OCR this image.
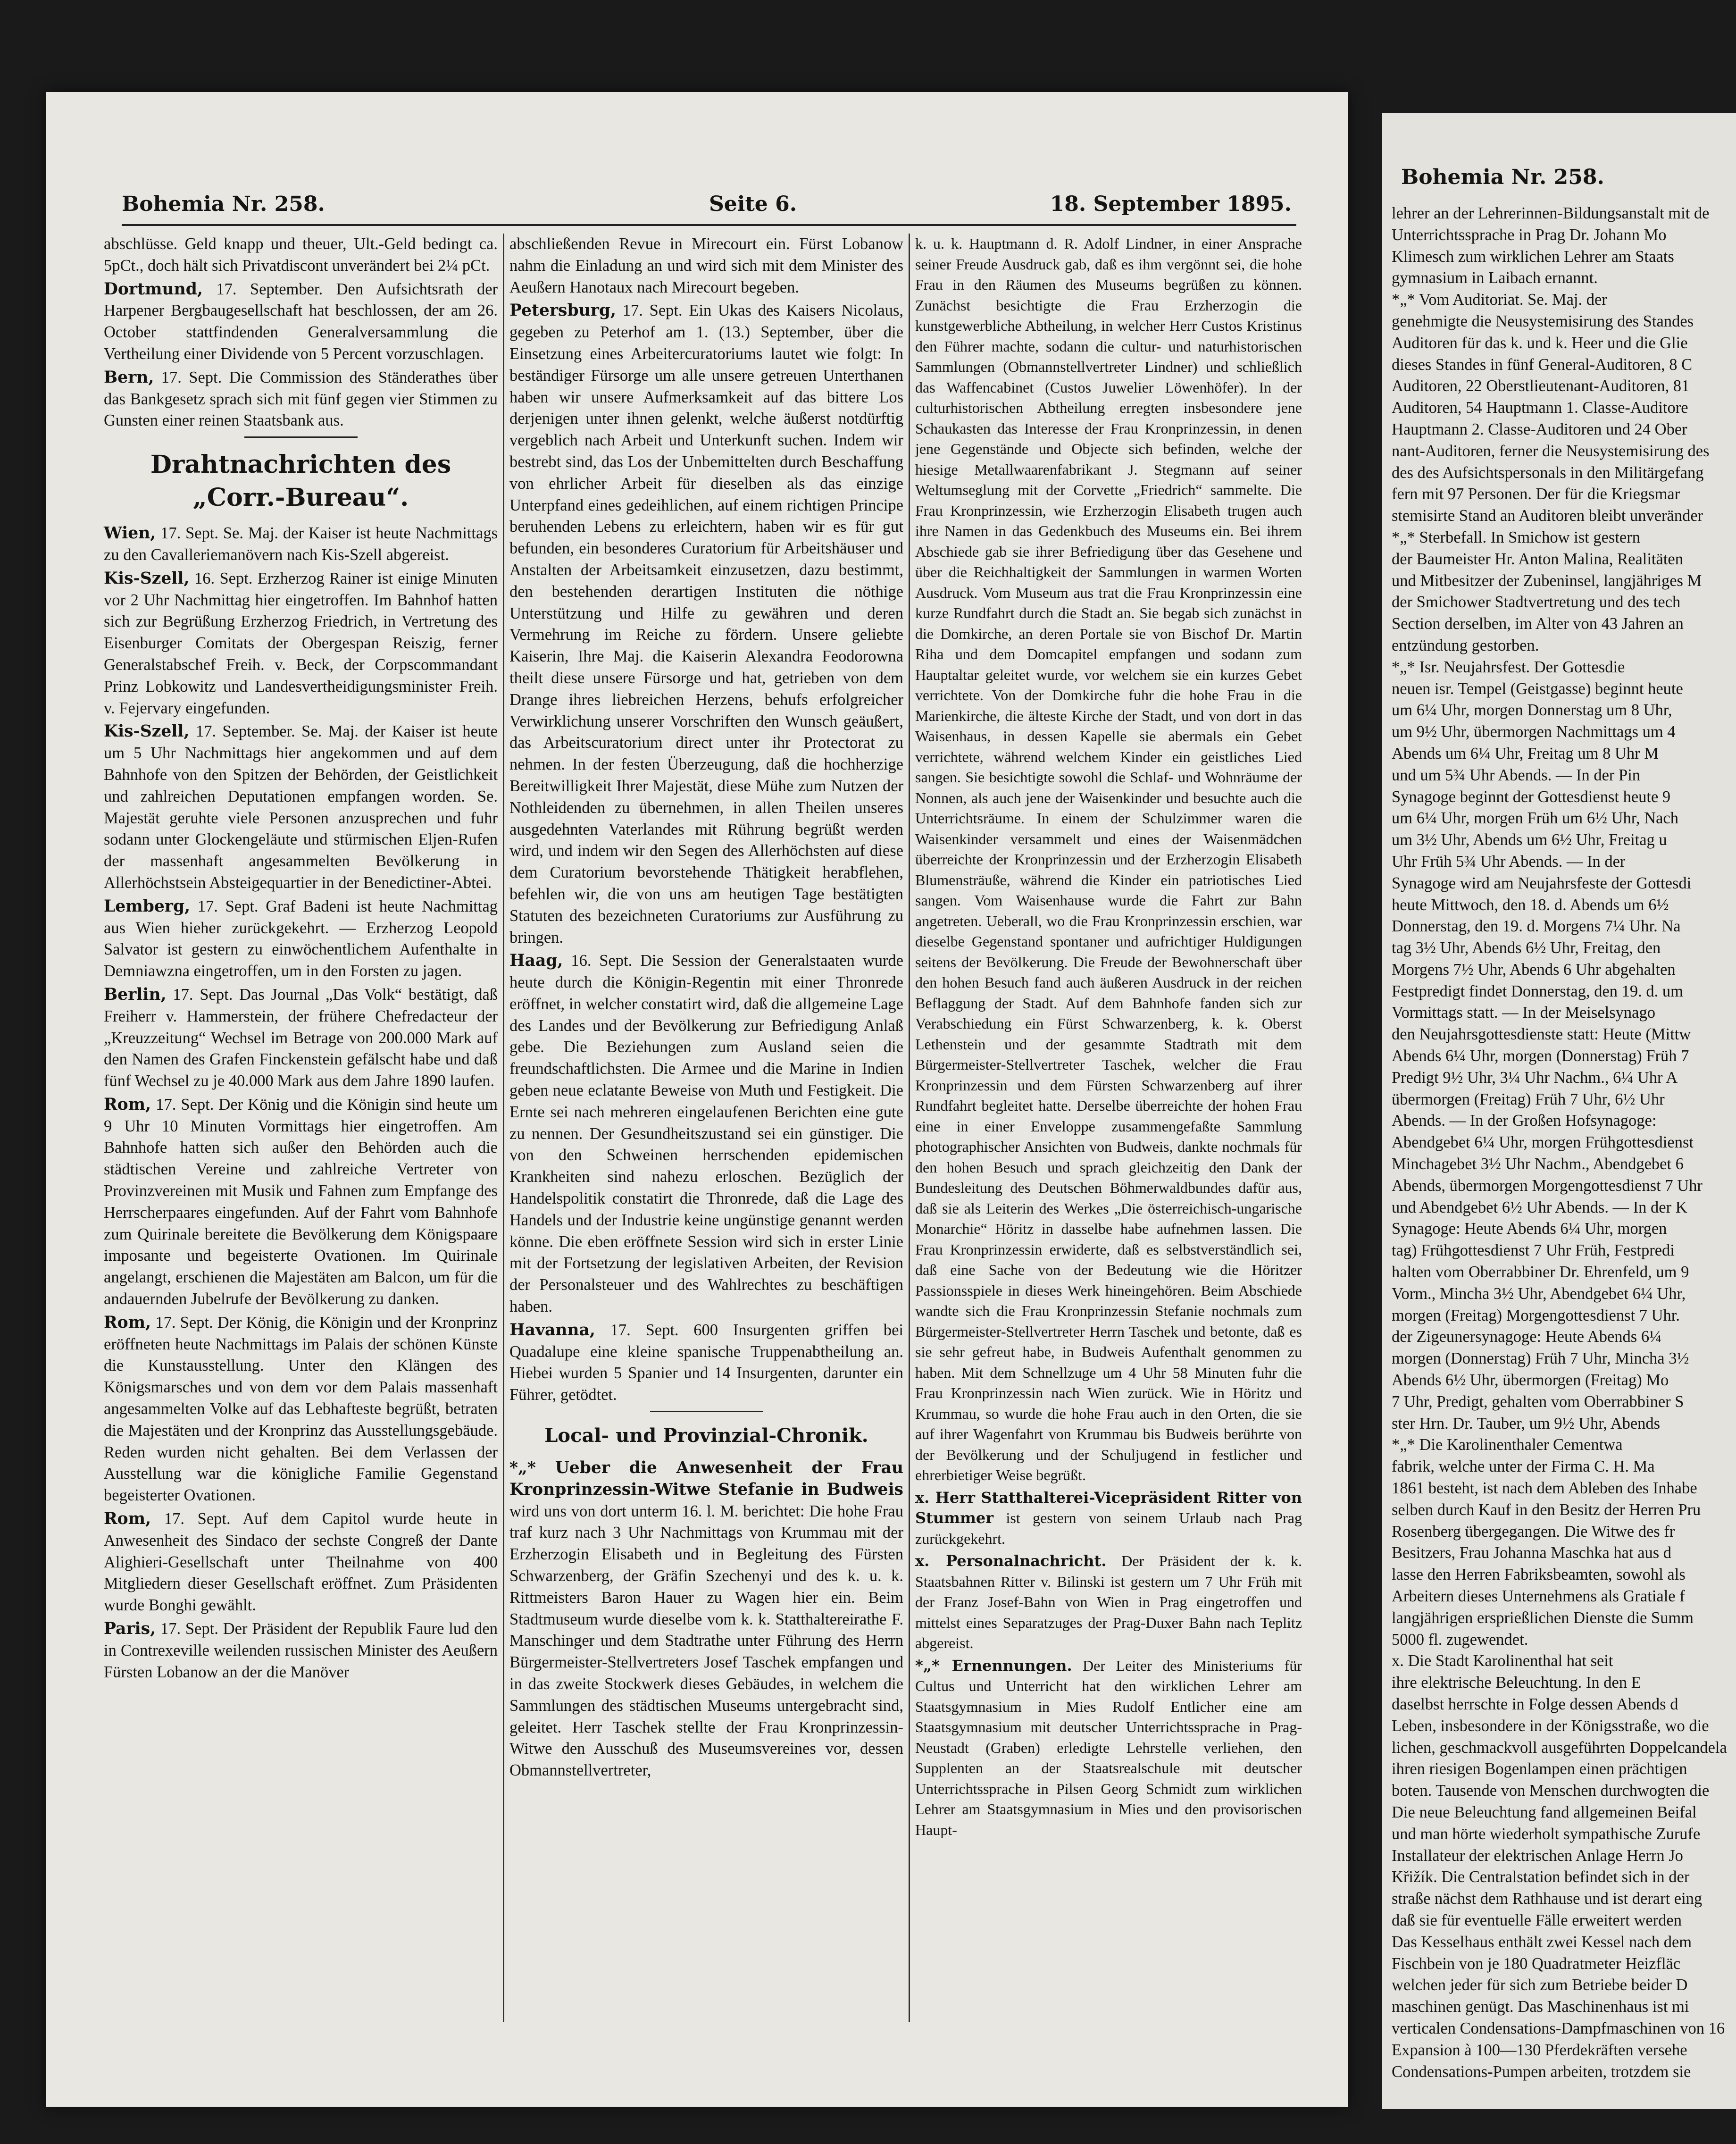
Bohemia Nr. 258.	Seite 6.	18. September 1895.

abschlüsse. Geld knapp und theuer, Ult.-Geld bedingt ca. 5pCt., doch hält sich Privatdiscont unverändert bei 2¼ pCt.

Dortmund, 17. September. Den Aufsichtsrath der Harpener Bergbaugesellschaft hat beschlossen, der am 26. October stattfindenden Generalversammlung die Vertheilung einer Dividende von 5 Percent vorzuschlagen.

Bern, 17. Sept. Die Commission des Ständerathes über das Bankgesetz sprach sich mit fünf gegen vier Stimmen zu Gunsten einer reinen Staatsbank aus.

Drahtnachrichten des „Corr.-Bureau“.

Wien, 17. Sept. Se. Maj. der Kaiser ist heute Nachmittags zu den Cavalleriemanövern nach Kis-Szell abgereist.

Kis-Szell, 16. Sept. Erzherzog Rainer ist einige Minuten vor 2 Uhr Nachmittag hier eingetroffen. Im Bahnhof hatten sich zur Begrüßung Erzherzog Friedrich, in Vertretung des Eisenburger Comitats der Obergespan Reiszig, ferner Generalstabschef Freih. v. Beck, der Corpscommandant Prinz Lobkowitz und Landesvertheidigungsminister Freih. v. Fejervary eingefunden.

Kis-Szell, 17. September. Se. Maj. der Kaiser ist heute um 5 Uhr Nachmittags hier angekommen und auf dem Bahnhofe von den Spitzen der Behörden, der Geistlichkeit und zahlreichen Deputationen empfangen worden. Se. Majestät geruhte viele Personen anzusprechen und fuhr sodann unter Glockengeläute und stürmischen Eljen-Rufen der massenhaft angesammelten Bevölkerung in Allerhöchstsein Absteigequartier in der Benedictiner-Abtei.

Lemberg, 17. Sept. Graf Badeni ist heute Nachmittag aus Wien hieher zurückgekehrt. — Erzherzog Leopold Salvator ist gestern zu einwöchentlichem Aufenthalte in Demniawzna eingetroffen, um in den Forsten zu jagen.

Berlin, 17. Sept. Das Journal „Das Volk“ bestätigt, daß Freiherr v. Hammerstein, der frühere Chefredacteur der „Kreuzzeitung“ Wechsel im Betrage von 200.000 Mark auf den Namen des Grafen Finckenstein gefälscht habe und daß fünf Wechsel zu je 40.000 Mark aus dem Jahre 1890 laufen.

Rom, 17. Sept. Der König und die Königin sind heute um 9 Uhr 10 Minuten Vormittags hier eingetroffen. Am Bahnhofe hatten sich außer den Behörden auch die städtischen Vereine und zahlreiche Vertreter von Provinzvereinen mit Musik und Fahnen zum Empfange des Herrscherpaares eingefunden. Auf der Fahrt vom Bahnhofe zum Quirinale bereitete die Bevölkerung dem Königspaare imposante und begeisterte Ovationen. Im Quirinale angelangt, erschienen die Majestäten am Balcon, um für die andauernden Jubelrufe der Bevölkerung zu danken.

Rom, 17. Sept. Der König, die Königin und der Kronprinz eröffneten heute Nachmittags im Palais der schönen Künste die Kunstausstellung. Unter den Klängen des Königsmarsches und von dem vor dem Palais massenhaft angesammelten Volke auf das Lebhafteste begrüßt, betraten die Majestäten und der Kronprinz das Ausstellungsgebäude. Reden wurden nicht gehalten. Bei dem Verlassen der Ausstellung war die königliche Familie Gegenstand begeisterter Ovationen.

Rom, 17. Sept. Auf dem Capitol wurde heute in Anwesenheit des Sindaco der sechste Congreß der Dante Alighieri-Gesellschaft unter Theilnahme von 400 Mitgliedern dieser Gesellschaft eröffnet. Zum Präsidenten wurde Bonghi gewählt.

Paris, 17. Sept. Der Präsident der Republik Faure lud den in Contrexeville weilenden russischen Minister des Aeußern Fürsten Lobanow an der die Manöver

abschließenden Revue in Mirecourt ein. Fürst Lobanow nahm die Einladung an und wird sich mit dem Minister des Aeußern Hanotaux nach Mirecourt begeben.

Petersburg, 17. Sept. Ein Ukas des Kaisers Nicolaus, gegeben zu Peterhof am 1. (13.) September, über die Einsetzung eines Arbeitercuratoriums lautet wie folgt: In beständiger Fürsorge um alle unsere getreuen Unterthanen haben wir unsere Aufmerksamkeit auf das bittere Los derjenigen unter ihnen gelenkt, welche äußerst notdürftig vergeblich nach Arbeit und Unterkunft suchen. Indem wir bestrebt sind, das Los der Unbemittelten durch Beschaffung von ehrlicher Arbeit für dieselben als das einzige Unterpfand eines gedeihlichen, auf einem richtigen Principe beruhenden Lebens zu erleichtern, haben wir es für gut befunden, ein besonderes Curatorium für Arbeitshäuser und Anstalten der Arbeitsamkeit einzusetzen, dazu bestimmt, den bestehenden derartigen Instituten die nöthige Unterstützung und Hilfe zu gewähren und deren Vermehrung im Reiche zu fördern. Unsere geliebte Kaiserin, Ihre Maj. die Kaiserin Alexandra Feodorowna theilt diese unsere Fürsorge und hat, getrieben von dem Drange ihres liebreichen Herzens, behufs erfolgreicher Verwirklichung unserer Vorschriften den Wunsch geäußert, das Arbeitscuratorium direct unter ihr Protectorat zu nehmen. In der festen Überzeugung, daß die hochherzige Bereitwilligkeit Ihrer Majestät, diese Mühe zum Nutzen der Nothleidenden zu übernehmen, in allen Theilen unseres ausgedehnten Vaterlandes mit Rührung begrüßt werden wird, und indem wir den Segen des Allerhöchsten auf diese dem Curatorium bevorstehende Thätigkeit herabflehen, befehlen wir, die von uns am heutigen Tage bestätigten Statuten des bezeichneten Curatoriums zur Ausführung zu bringen.

Haag, 16. Sept. Die Session der Generalstaaten wurde heute durch die Königin-Regentin mit einer Thronrede eröffnet, in welcher constatirt wird, daß die allgemeine Lage des Landes und der Bevölkerung zur Befriedigung Anlaß gebe. Die Beziehungen zum Ausland seien die freundschaftlichsten. Die Armee und die Marine in Indien geben neue eclatante Beweise von Muth und Festigkeit. Die Ernte sei nach mehreren eingelaufenen Berichten eine gute zu nennen. Der Gesundheitszustand sei ein günstiger. Die von den Schweinen herrschenden epidemischen Krankheiten sind nahezu erloschen. Bezüglich der Handelspolitik constatirt die Thronrede, daß die Lage des Handels und der Industrie keine ungünstige genannt werden könne. Die eben eröffnete Session wird sich in erster Linie mit der Fortsetzung der legislativen Arbeiten, der Revision der Personalsteuer und des Wahlrechtes zu beschäftigen haben.

Havanna, 17. Sept. 600 Insurgenten griffen bei Quadalupe eine kleine spanische Truppenabtheilung an. Hiebei wurden 5 Spanier und 14 Insurgenten, darunter ein Führer, getödtet.

Local- und Provinzial-Chronik.

*„* Ueber die Anwesenheit der Frau Kronprinzessin-Witwe Stefanie in Budweis wird uns von dort unterm 16. l. M. berichtet: Die hohe Frau traf kurz nach 3 Uhr Nachmittags von Krummau mit der Erzherzogin Elisabeth und in Begleitung des Fürsten Schwarzenberg, der Gräfin Szechenyi und des k. u. k. Rittmeisters Baron Hauer zu Wagen hier ein. Beim Stadtmuseum wurde dieselbe vom k. k. Statthaltereirathe F. Manschinger und dem Stadtrathe unter Führung des Herrn Bürgermeister-Stellvertreters Josef Taschek empfangen und in das zweite Stockwerk dieses Gebäudes, in welchem die Sammlungen des städtischen Museums untergebracht sind, geleitet. Herr Taschek stellte der Frau Kronprinzessin-Witwe den Ausschuß des Museumsvereines vor, dessen Obmannstellvertreter,

k. u. k. Hauptmann d. R. Adolf Lindner, in einer Ansprache seiner Freude Ausdruck gab, daß es ihm vergönnt sei, die hohe Frau in den Räumen des Museums begrüßen zu können. Zunächst besichtigte die Frau Erzherzogin die kunstgewerbliche Abtheilung, in welcher Herr Custos Kristinus den Führer machte, sodann die cultur- und naturhistorischen Sammlungen (Obmannstellvertreter Lindner) und schließlich das Waffencabinet (Custos Juwelier Löwenhöfer). In der culturhistorischen Abtheilung erregten insbesondere jene Schaukasten das Interesse der Frau Kronprinzessin, in denen jene Gegenstände und Objecte sich befinden, welche der hiesige Metallwaarenfabrikant J. Stegmann auf seiner Weltumseglung mit der Corvette „Friedrich“ sammelte. Die Frau Kronprinzessin, wie Erzherzogin Elisabeth trugen auch ihre Namen in das Gedenkbuch des Museums ein. Bei ihrem Abschiede gab sie ihrer Befriedigung über das Gesehene und über die Reichhaltigkeit der Sammlungen in warmen Worten Ausdruck. Vom Museum aus trat die Frau Kronprinzessin eine kurze Rundfahrt durch die Stadt an. Sie begab sich zunächst in die Domkirche, an deren Portale sie von Bischof Dr. Martin Riha und dem Domcapitel empfangen und sodann zum Hauptaltar geleitet wurde, vor welchem sie ein kurzes Gebet verrichtete. Von der Domkirche fuhr die hohe Frau in die Marienkirche, die älteste Kirche der Stadt, und von dort in das Waisenhaus, in dessen Kapelle sie abermals ein Gebet verrichtete, während welchem Kinder ein geistliches Lied sangen. Sie besichtigte sowohl die Schlaf- und Wohnräume der Nonnen, als auch jene der Waisenkinder und besuchte auch die Unterrichtsräume. In einem der Schulzimmer waren die Waisenkinder versammelt und eines der Waisenmädchen überreichte der Kronprinzessin und der Erzherzogin Elisabeth Blumensträuße, während die Kinder ein patriotisches Lied sangen. Vom Waisenhause wurde die Fahrt zur Bahn angetreten. Ueberall, wo die Frau Kronprinzessin erschien, war dieselbe Gegenstand spontaner und aufrichtiger Huldigungen seitens der Bevölkerung. Die Freude der Bewohnerschaft über den hohen Besuch fand auch äußeren Ausdruck in der reichen Beflaggung der Stadt. Auf dem Bahnhofe fanden sich zur Verabschiedung ein Fürst Schwarzenberg, k. k. Oberst Lethenstein und der gesammte Stadtrath mit dem Bürgermeister-Stellvertreter Taschek, welcher die Frau Kronprinzessin und dem Fürsten Schwarzenberg auf ihrer Rundfahrt begleitet hatte. Derselbe überreichte der hohen Frau eine in einer Enveloppe zusammengefaßte Sammlung photographischer Ansichten von Budweis, dankte nochmals für den hohen Besuch und sprach gleichzeitig den Dank der Bundesleitung des Deutschen Böhmerwaldbundes dafür aus, daß sie als Leiterin des Werkes „Die österreichisch-ungarische Monarchie“ Höritz in dasselbe habe aufnehmen lassen. Die Frau Kronprinzessin erwiderte, daß es selbstverständlich sei, daß eine Sache von der Bedeutung wie die Höritzer Passionsspiele in dieses Werk hineingehören. Beim Abschiede wandte sich die Frau Kronprinzessin Stefanie nochmals zum Bürgermeister-Stellvertreter Herrn Taschek und betonte, daß es sie sehr gefreut habe, in Budweis Aufenthalt genommen zu haben. Mit dem Schnellzuge um 4 Uhr 58 Minuten fuhr die Frau Kronprinzessin nach Wien zurück. Wie in Höritz und Krummau, so wurde die hohe Frau auch in den Orten, die sie auf ihrer Wagenfahrt von Krummau bis Budweis berührte von der Bevölkerung und der Schuljugend in festlicher und ehrerbietiger Weise begrüßt.

x. Herr Statthalterei-Vicepräsident Ritter von Stummer ist gestern von seinem Urlaub nach Prag zurückgekehrt.

x. Personalnachricht. Der Präsident der k. k. Staatsbahnen Ritter v. Bilinski ist gestern um 7 Uhr Früh mit der Franz Josef-Bahn von Wien in Prag eingetroffen und mittelst eines Separatzuges der Prag-Duxer Bahn nach Teplitz abgereist.

*„* Ernennungen. Der Leiter des Ministeriums für Cultus und Unterricht hat den wirklichen Lehrer am Staatsgymnasium in Mies Rudolf Entlicher eine am Staatsgymnasium mit deutscher Unterrichtssprache in Prag-Neustadt (Graben) erledigte Lehrstelle verliehen, den Supplenten an der Staatsrealschule mit deutscher Unterrichtssprache in Pilsen Georg Schmidt zum wirklichen Lehrer am Staatsgymnasium in Mies und den provisorischen Haupt-

Bohemia Nr. 258.

lehrer an der Lehrerinnen-Bildungsanstalt mit de

Unterrichtssprache in Prag Dr. Johann Mo

Klimesch zum wirklichen Lehrer am Staats

gymnasium in Laibach ernannt.

*„* Vom Auditoriat. Se. Maj. der

genehmigte die Neusystemisirung des Standes

Auditoren für das k. und k. Heer und die Glie

dieses Standes in fünf General-Auditoren, 8 C

Auditoren, 22 Oberstlieutenant-Auditoren, 81

Auditoren, 54 Hauptmann 1. Classe-Auditore

Hauptmann 2. Classe-Auditoren und 24 Ober

nant-Auditoren, ferner die Neusystemisirung des

des des Aufsichtspersonals in den Militärgefang

fern mit 97 Personen. Der für die Kriegsmar

stemisirte Stand an Auditoren bleibt unveränder

*„* Sterbefall. In Smichow ist gestern

der Baumeister Hr. Anton Malina, Realitäten

und Mitbesitzer der Zubeninsel, langjähriges M

der Smichower Stadtvertretung und des tech

Section derselben, im Alter von 43 Jahren an

entzündung gestorben.

*„* Isr. Neujahrsfest. Der Gottesdie

neuen isr. Tempel (Geistgasse) beginnt heute

um 6¼ Uhr, morgen Donnerstag um 8 Uhr,

um 9½ Uhr, übermorgen Nachmittags um 4

Abends um 6¼ Uhr, Freitag um 8 Uhr M

und um 5¾ Uhr Abends. — In der Pin

Synagoge beginnt der Gottesdienst heute 9

um 6¼ Uhr, morgen Früh um 6½ Uhr, Nach

um 3½ Uhr, Abends um 6½ Uhr, Freitag u

Uhr Früh 5¾ Uhr Abends. — In der

Synagoge wird am Neujahrsfeste der Gottesdi

heute Mittwoch, den 18. d. Abends um 6½

Donnerstag, den 19. d. Morgens 7¼ Uhr. Na

tag 3½ Uhr, Abends 6½ Uhr, Freitag, den

Morgens 7½ Uhr, Abends 6 Uhr abgehalten

Festpredigt findet Donnerstag, den 19. d. um

Vormittags statt. — In der Meiselsynago

den Neujahrsgottesdienste statt: Heute (Mittw

Abends 6¼ Uhr, morgen (Donnerstag) Früh 7

Predigt 9½ Uhr, 3¼ Uhr Nachm., 6¼ Uhr A

übermorgen (Freitag) Früh 7 Uhr, 6½ Uhr

Abends. — In der Großen Hofsynagoge:

Abendgebet 6¼ Uhr, morgen Frühgottesdienst

Minchagebet 3½ Uhr Nachm., Abendgebet 6

Abends, übermorgen Morgengottesdienst 7 Uhr

und Abendgebet 6½ Uhr Abends. — In der K

Synagoge: Heute Abends 6¼ Uhr, morgen

tag) Frühgottesdienst 7 Uhr Früh, Festpredi

halten vom Oberrabbiner Dr. Ehrenfeld, um 9

Vorm., Mincha 3½ Uhr, Abendgebet 6¼ Uhr,

morgen (Freitag) Morgengottesdienst 7 Uhr.

der Zigeunersynagoge: Heute Abends 6¼

morgen (Donnerstag) Früh 7 Uhr, Mincha 3½

Abends 6½ Uhr, übermorgen (Freitag) Mo

7 Uhr, Predigt, gehalten vom Oberrabbiner S

ster Hrn. Dr. Tauber, um 9½ Uhr, Abends

*„* Die Karolinenthaler Cementwa

fabrik, welche unter der Firma C. H. Ma

1861 besteht, ist nach dem Ableben des Inhabe

selben durch Kauf in den Besitz der Herren Pru

Rosenberg übergegangen. Die Witwe des fr

Besitzers, Frau Johanna Maschka hat aus d

lasse den Herren Fabriksbeamten, sowohl als

Arbeitern dieses Unternehmens als Gratiale f

langjährigen ersprießlichen Dienste die Summ

5000 fl. zugewendet.

x. Die Stadt Karolinenthal hat seit

ihre elektrische Beleuchtung. In den E

daselbst herrschte in Folge dessen Abends d

Leben, insbesondere in der Königsstraße, wo die

lichen, geschmackvoll ausgeführten Doppelcandela

ihren riesigen Bogenlampen einen prächtigen

boten. Tausende von Menschen durchwogten die

Die neue Beleuchtung fand allgemeinen Beifal

und man hörte wiederholt sympathische Zurufe

Installateur der elektrischen Anlage Herrn Jo

Křižík. Die Centralstation befindet sich in der

straße nächst dem Rathhause und ist derart eing

daß sie für eventuelle Fälle erweitert werden

Das Kesselhaus enthält zwei Kessel nach dem

Fischbein von je 180 Quadratmeter Heizfläc

welchen jeder für sich zum Betriebe beider D

maschinen genügt. Das Maschinenhaus ist mi

verticalen Condensations-Dampfmaschinen von 16

Expansion à 100—130 Pferdekräften versehe

Condensations-Pumpen arbeiten, trotzdem sie
